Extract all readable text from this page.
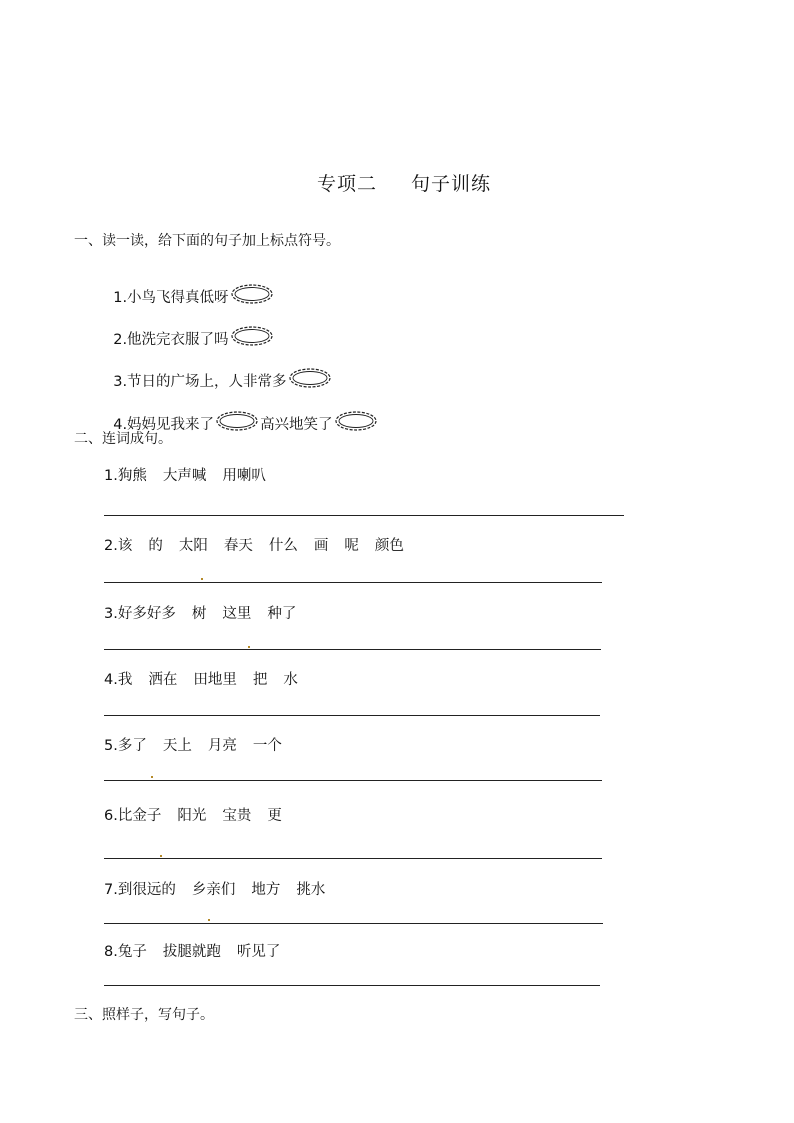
专项二 句子训练

一、读一读，给下面的句子加上标点符号。

1.小鸟飞得真低呀

2.他洗完衣服了吗

3.节日的广场上，人非常多

4.妈妈见我来了	高兴地笑了

二、连词成句。
1.狗熊 大声喊 用喇叭
2.该 的 太阳 春天 什么 画 呢 颜色
3.好多好多 树 这里 种了
4.我 洒在 田地里 把 水
5.多了 天上 月亮 一个
6.比金子 阳光 宝贵 更
7.到很远的 乡亲们 地方 挑水
8.兔子 拔腿就跑 听见了
三、照样子，写句子。
